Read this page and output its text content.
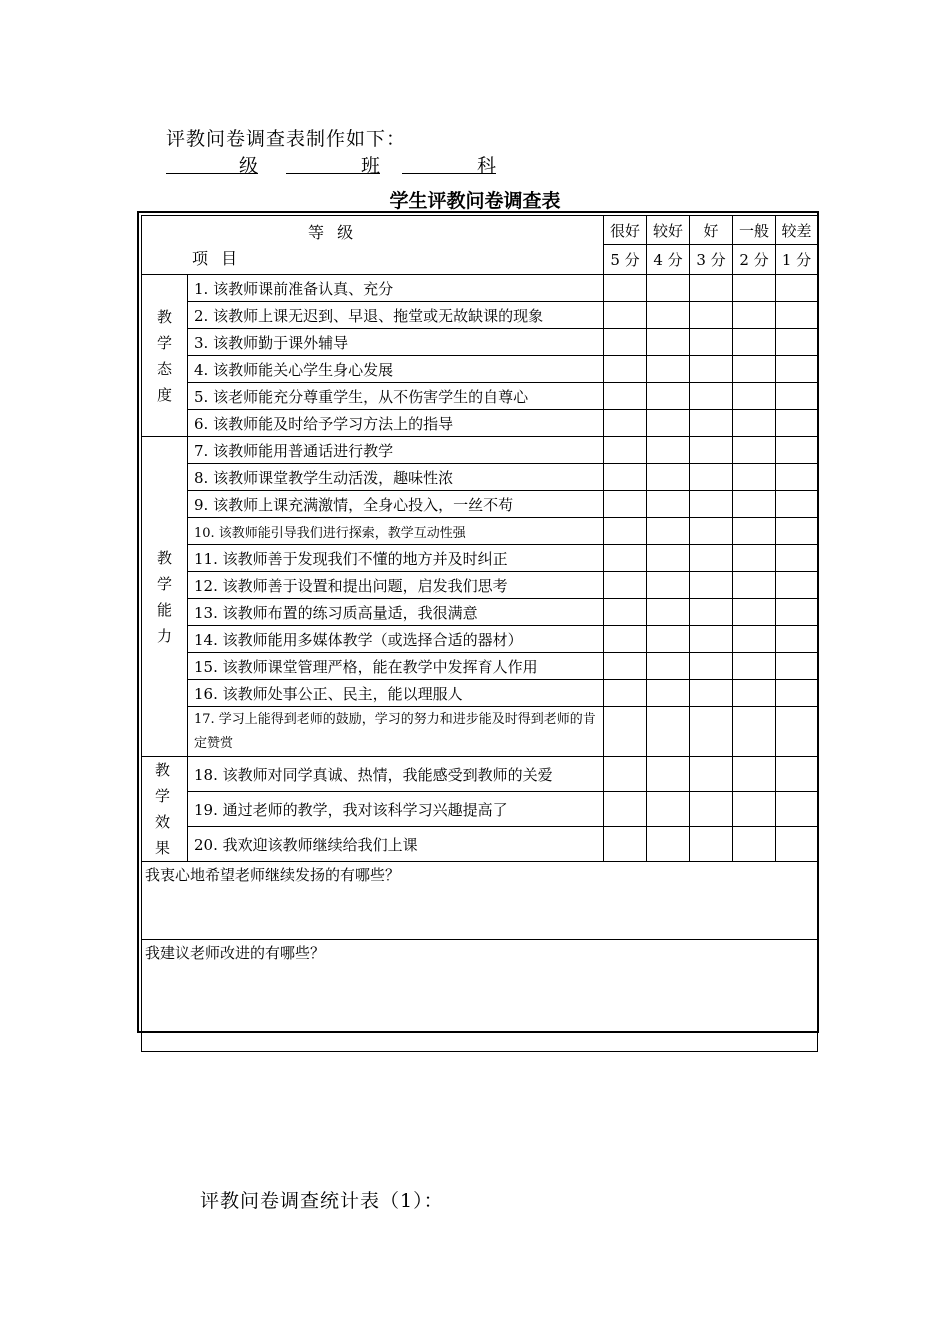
评教问卷调查表制作如下：
级	班	科
学生评教问卷调查表
等 级
项 目		很好	较好	好	一般	较差
		5 分	4 分	3 分	2 分	1 分

教学态度	1. 该教师课前准备认真、充分					
	2. 该教师上课无迟到、早退、拖堂或无故缺课的现象					
	3. 该教师勤于课外辅导					
	4. 该教师能关心学生身心发展					
	5. 该老师能充分尊重学生，从不伤害学生的自尊心					
	6. 该教师能及时给予学习方法上的指导					

教学能力	7. 该教师能用普通话进行教学					
	8. 该教师课堂教学生动活泼，趣味性浓					
	9. 该教师上课充满激情，全身心投入，一丝不苟					
	10. 该教师能引导我们进行探索，教学互动性强					
	11. 该教师善于发现我们不懂的地方并及时纠正					
	12. 该教师善于设置和提出问题，启发我们思考					
	13. 该教师布置的练习质高量适，我很满意					
	14. 该教师能用多媒体教学（或选择合适的器材）					
	15. 该教师课堂管理严格，能在教学中发挥育人作用					
	16. 该教师处事公正、民主，能以理服人					
	17. 学习上能得到老师的鼓励，学习的努力和进步能及时得到老师的肯定赞赏					

教学效果	18. 该教师对同学真诚、热情，我能感受到教师的关爱					
	19. 通过老师的教学，我对该科学习兴趣提高了					
	20. 我欢迎该教师继续给我们上课					
我衷心地希望老师继续发扬的有哪些？						
我建议老师改进的有哪些？						
评教问卷调查统计表（1）：
